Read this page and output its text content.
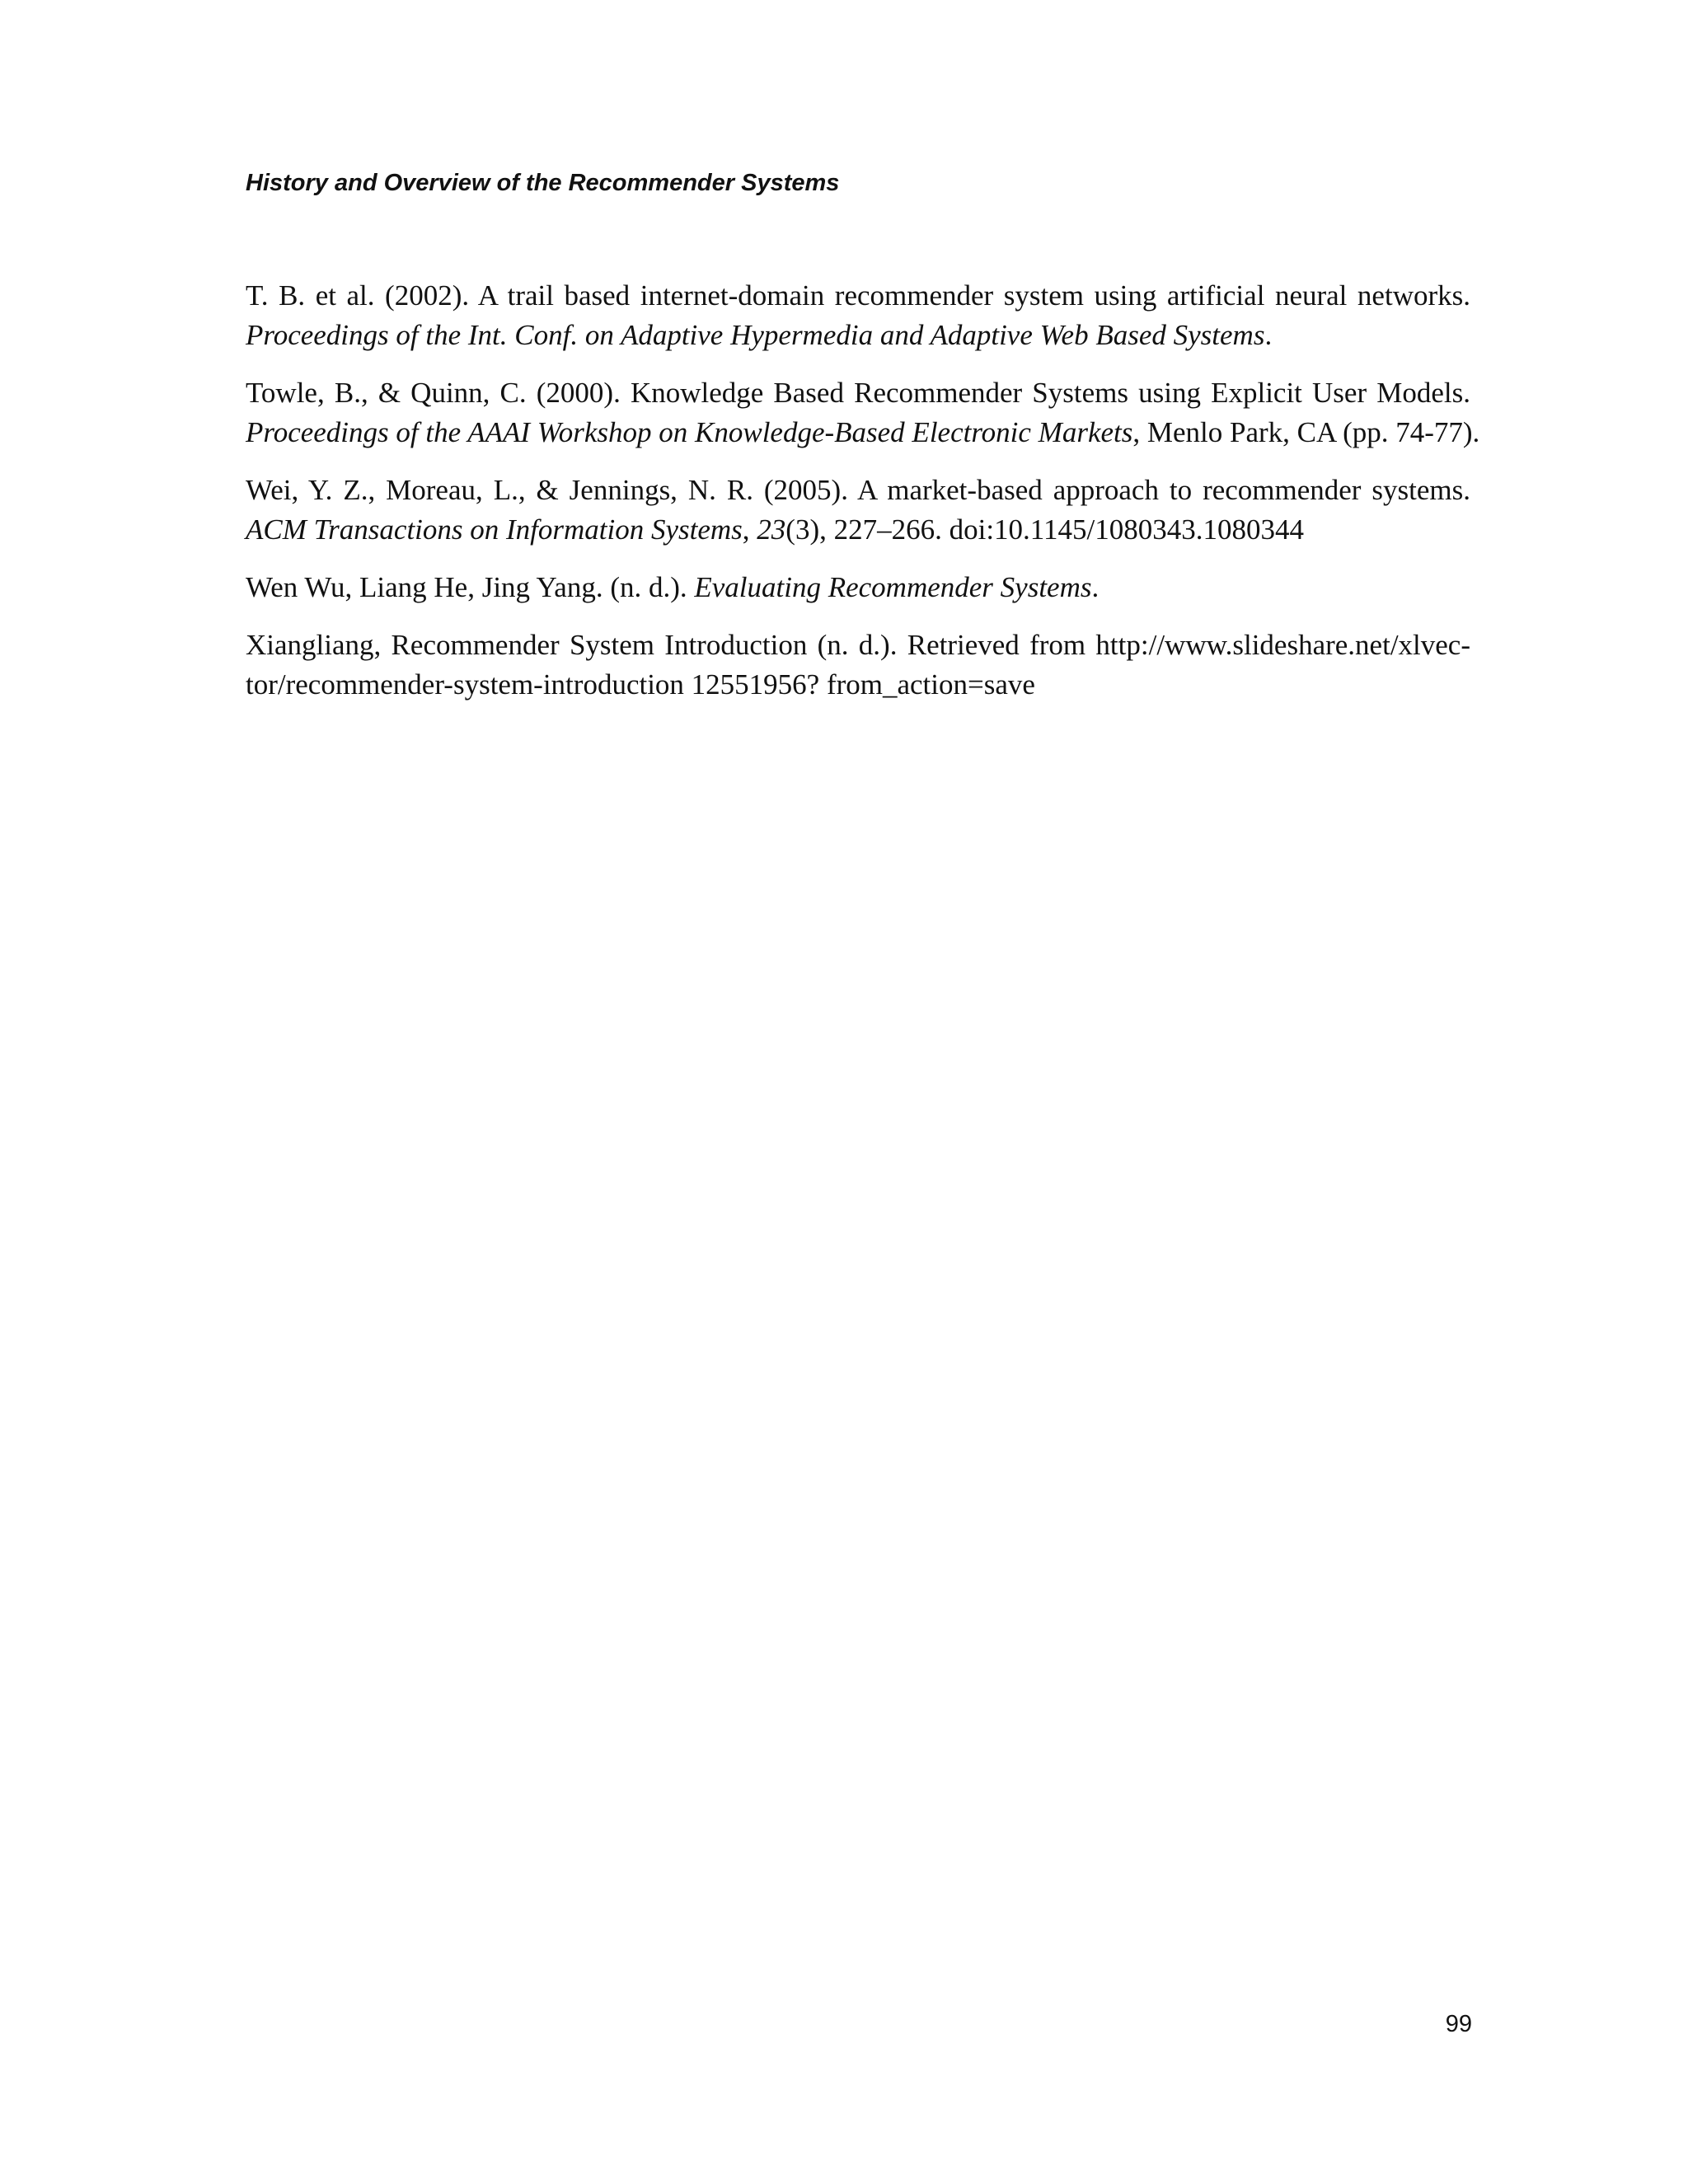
History and Overview of the Recommender Systems
T. B. et al. (2002). A trail based internet-domain recommender system using artificial neural networks.
Proceedings of the Int. Conf. on Adaptive Hypermedia and Adaptive Web Based Systems.
Towle, B., & Quinn, C. (2000). Knowledge Based Recommender Systems using Explicit User Models.
Proceedings of the AAAI Workshop on Knowledge-Based Electronic Markets, Menlo Park, CA (pp. 74-77).
Wei, Y. Z., Moreau, L., & Jennings, N. R. (2005). A market-based approach to recommender systems.
ACM Transactions on Information Systems, 23(3), 227–266. doi:10.1145/1080343.1080344
Wen Wu, Liang He, Jing Yang. (n. d.). Evaluating Recommender Systems.
Xiangliang, Recommender System Introduction (n. d.). Retrieved from http://www.slideshare.net/xlvec-
tor/recommender-system-introduction 12551956? from_action=save
99
